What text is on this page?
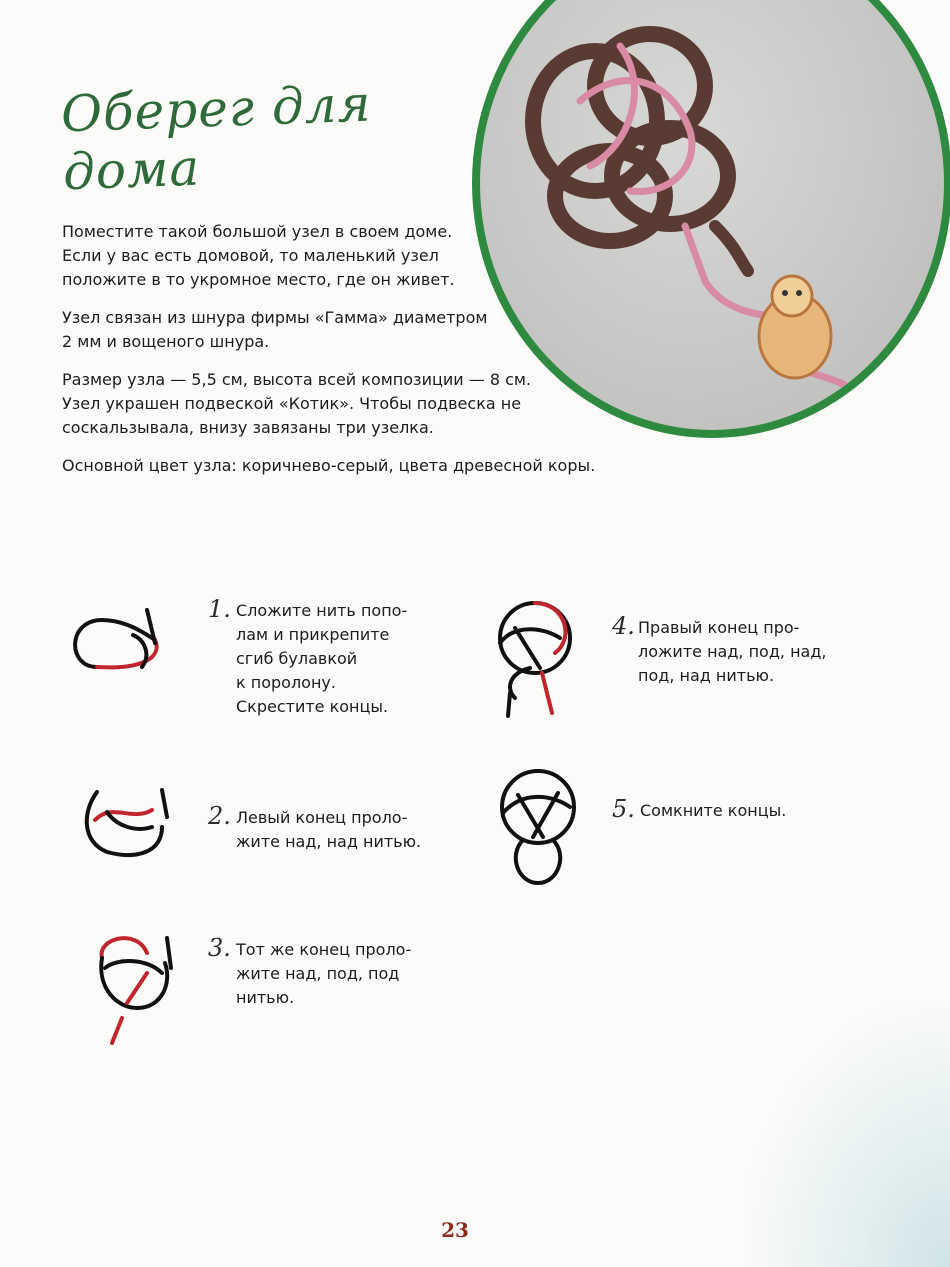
Оберег для дома

Поместите такой большой узел в своем доме. Если у вас есть домовой, то маленький узел положите в то укромное место, где он живет.

Узел связан из шнура фирмы «Гамма» диаметром 2 мм и вощеного шнура.

Размер узла — 5,5 см, высота всей композиции — 8 см. Узел украшен подвеской «Котик». Чтобы подвеска не соскальзывала, внизу завязаны три узелка.

Основной цвет узла: коричнево-серый, цвета древесной коры.

1. Сложите нить попо-
лам и прикрепите
сгиб булавкой
к поролону.
Скрестите концы.
2. Левый конец проло-
жите над, над нитью.
3. Тот же конец проло-
жите над, под, под
нитью.
4. Правый конец про-
ложите над, под, над,
под, над нитью.
5. Сомкните концы.
23
